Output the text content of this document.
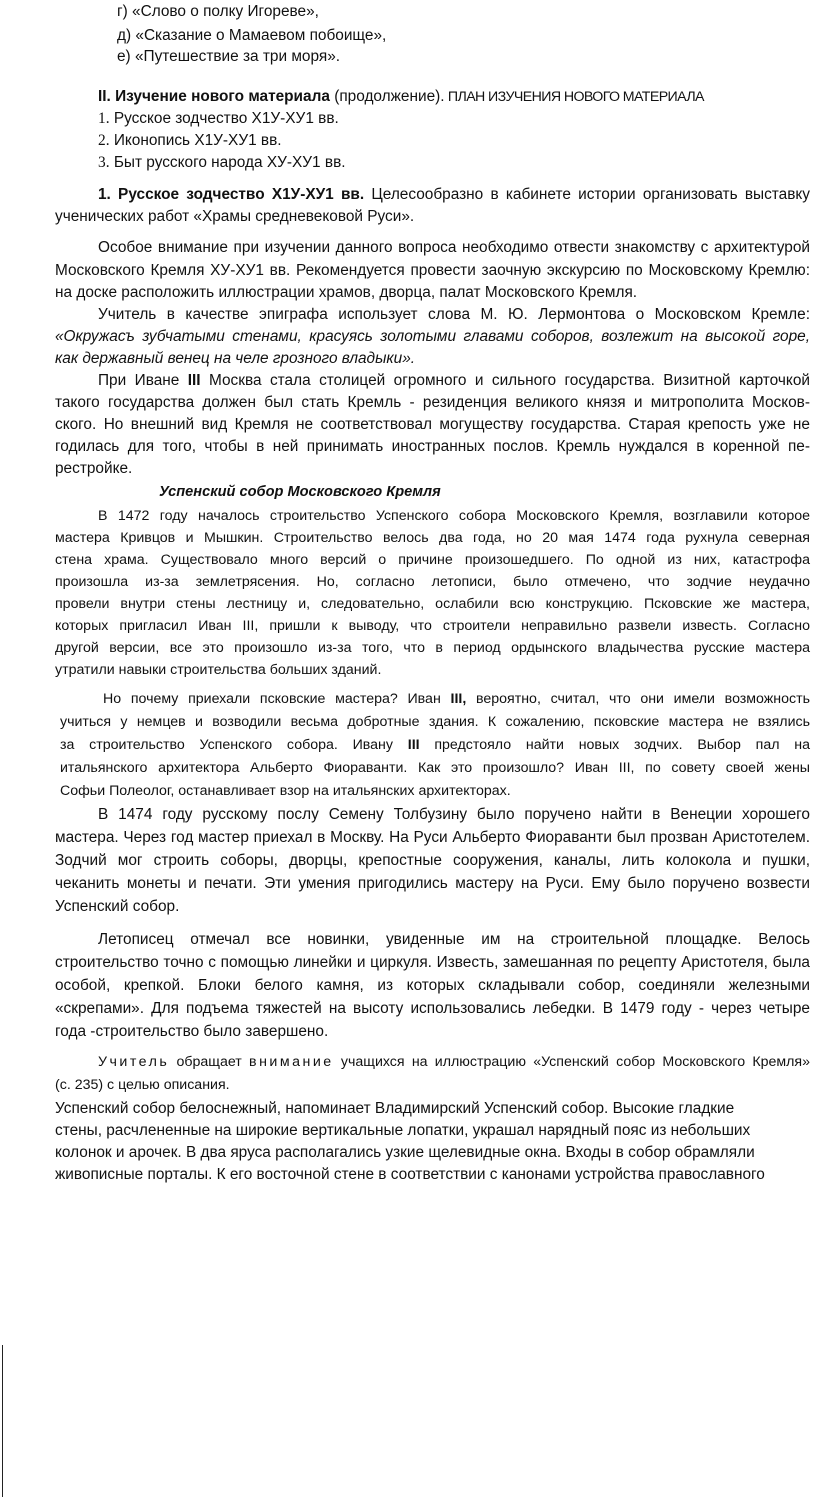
г) «Слово о полку Игореве»,
д) «Сказание о Мамаевом побоище»,
е) «Путешествие за три моря».
II. Изучение нового материала (продолжение). ПЛАН ИЗУЧЕНИЯ НОВОГО МАТЕРИАЛА
1. Русское зодчество Х1У-ХУ1 вв.
2. Иконопись Х1У-ХУ1 вв.
3. Быт русского народа ХУ-ХУ1 вв.
1. Русское зодчество Х1У-ХУ1 вв. Целесообразно в кабинете истории организовать выставку
ученических работ «Храмы средневековой Руси».
Особое внимание при изучении данного вопроса необходимо отвести знакомству с архитектурой
Московского Кремля ХУ-ХУ1 вв. Рекомендуется провести заочную экскурсию по Московскому Кремлю:
на доске расположить иллюстрации храмов, дворца, палат Московского Кремля.
Учитель в качестве эпиграфа использует слова М. Ю. Лермонтова о Московском Кремле:
«Окружасъ зубчатыми стенами, красуясь золотыми главами соборов, возлежит на высокой горе,
как державный венец на челе грозного владыки».
При Иване III Москва стала столицей огромного и сильного государства. Визитной карточкой
такого государства должен был стать Кремль - резиденция великого князя и митрополита Москов-
ского. Но внешний вид Кремля не соответствовал могуществу государства. Старая крепость уже не
годилась для того, чтобы в ней принимать иностранных послов. Кремль нуждался в коренной пе-
рестройке.
Успенский собор Московского Кремля
В 1472 году началось строительство Успенского собора Московского Кремля, возглавили которое
мастера Кривцов и Мышкин. Строительство велось два года, но 20 мая 1474 года рухнула северная
стена храма. Существовало много версий о причине произошедшего. По одной из них, катастрофа
произошла из-за землетрясения. Но, согласно летописи, было отмечено, что зодчие неудачно
провели внутри стены лестницу и, следовательно, ослабили всю конструкцию. Псковские же мастера,
которых пригласил Иван III, пришли к выводу, что строители неправильно развели известь. Согласно
другой версии, все это произошло из-за того, что в период ордынского владычества русские мастера
утратили навыки строительства больших зданий.
Но почему приехали псковские мастера? Иван III, вероятно, считал, что они имели возможность
учиться у немцев и возводили весьма добротные здания. К сожалению, псковские мастера не взялись
за строительство Успенского собора. Ивану III предстояло найти новых зодчих. Выбор пал на
итальянского архитектора Альберто Фиораванти. Как это произошло? Иван III, по совету своей жены
Софьи Полеолог, останавливает взор на итальянских архитекторах.
В 1474 году русскому послу Семену Толбузину было поручено найти в Венеции хорошего
мастера. Через год мастер приехал в Москву. На Руси Альберто Фиораванти был прозван Аристотелем.
Зодчий мог строить соборы, дворцы, крепостные сооружения, каналы, лить колокола и пушки,
чеканить монеты и печати. Эти умения пригодились мастеру на Руси. Ему было поручено возвести
Успенский собор.
Летописец отмечал все новинки, увиденные им на строительной площадке. Велось
строительство точно с помощью линейки и циркуля. Известь, замешанная по рецепту Аристотеля, была
особой, крепкой. Блоки белого камня, из которых складывали собор, соединяли железными
«скрепами». Для подъема тяжестей на высоту использовались лебедки. В 1479 году - через четыре
года -строительство было завершено.
Учитель обращает внимание учащихся на иллюстрацию «Успенский собор Московского Кремля»
(с. 235) с целью описания.
Успенский собор белоснежный, напоминает Владимирский Успенский собор. Высокие гладкие
стены, расчлененные на широкие вертикальные лопатки, украшал нарядный пояс из небольших
колонок и арочек. В два яруса располагались узкие щелевидные окна. Входы в собор обрамляли
живописные порталы. К его восточной стене в соответствии с канонами устройства православного
